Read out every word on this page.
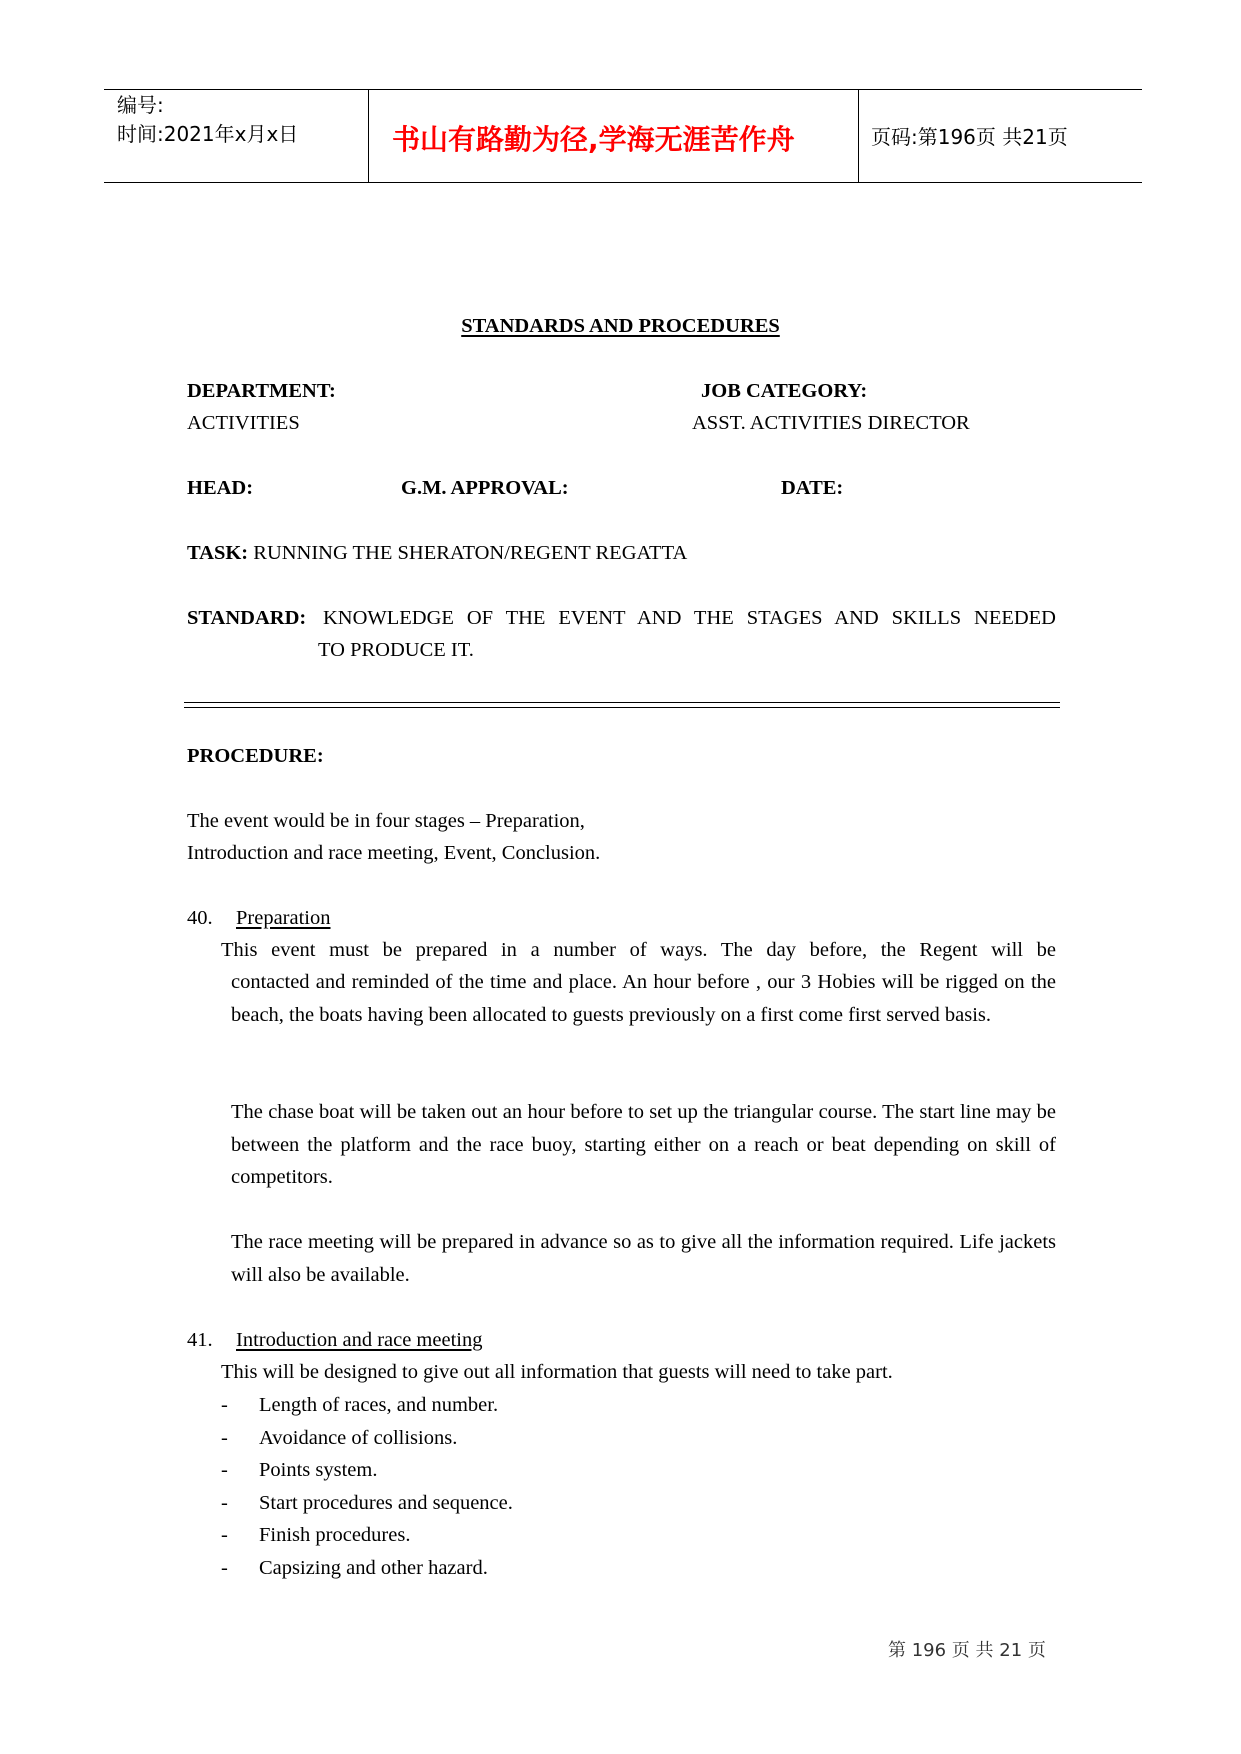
编号:
时间:2021年x月x日	书山有路勤为径,学海无涯苦作舟	页码:第196页 共21页
STANDARDS AND PROCEDURES
DEPARTMENT:
ACTIVITIES
JOB CATEGORY:
ASST. ACTIVITIES DIRECTOR
HEAD:	G.M. APPROVAL:	DATE:
TASK: RUNNING THE SHERATON/REGENT REGATTA
STANDARD: KNOWLEDGE OF THE EVENT AND THE STAGES AND SKILLS NEEDED
TO PRODUCE IT.
PROCEDURE:
The event would be in four stages – Preparation,
Introduction and race meeting, Event, Conclusion.
40. Preparation
This event must be prepared in a number of ways. The day before, the Regent will be
contacted and reminded of the time and place. An hour before , our 3 Hobies will be rigged on the beach, the boats having been allocated to guests previously on a first come first served basis.
The chase boat will be taken out an hour before to set up the triangular course. The start line may be between the platform and the race buoy, starting either on a reach or beat depending on skill of competitors.
The race meeting will be prepared in advance so as to give all the information required. Life jackets will also be available.
41. Introduction and race meeting
This will be designed to give out all information that guests will need to take part.
- Length of races, and number.
- Avoidance of collisions.
- Points system.
- Start procedures and sequence.
- Finish procedures.
- Capsizing and other hazard.
第 196 页 共 21 页
